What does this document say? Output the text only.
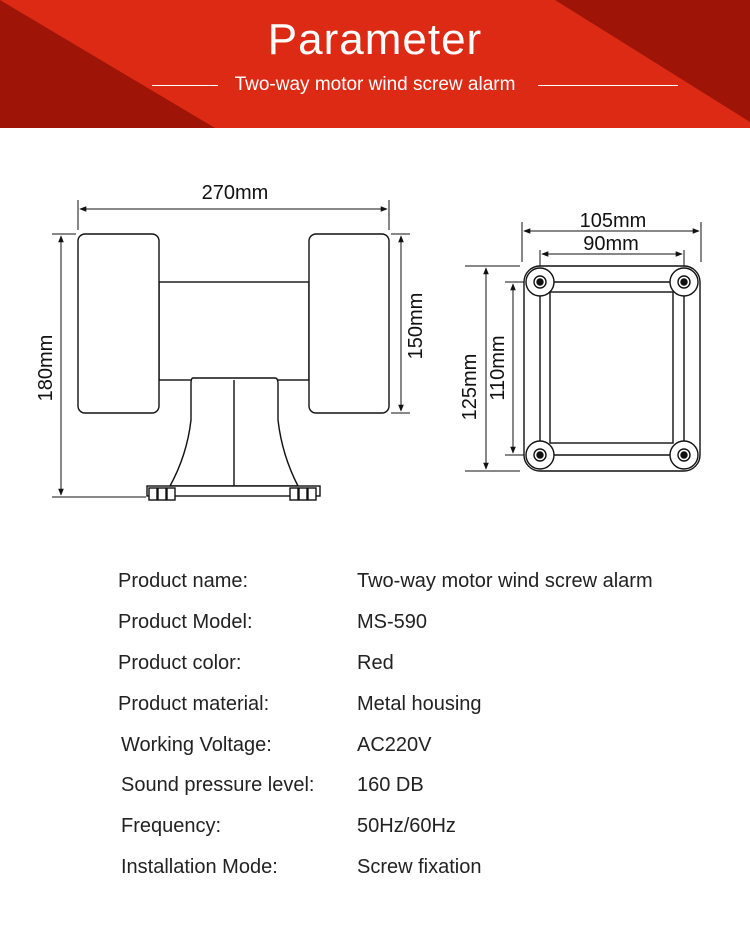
Parameter
Two-way motor wind screw alarm
270mm
180mm
150mm
105mm
90mm
125mm 110mm
Product name:	Two-way motor wind screw alarm
Product Model:	MS-590
Product color:	Red
Product material:	Metal housing
Working Voltage:	AC220V
Sound pressure level: 160 DB
Frequency:	50Hz/60Hz
Installation Mode:	Screw fixation
